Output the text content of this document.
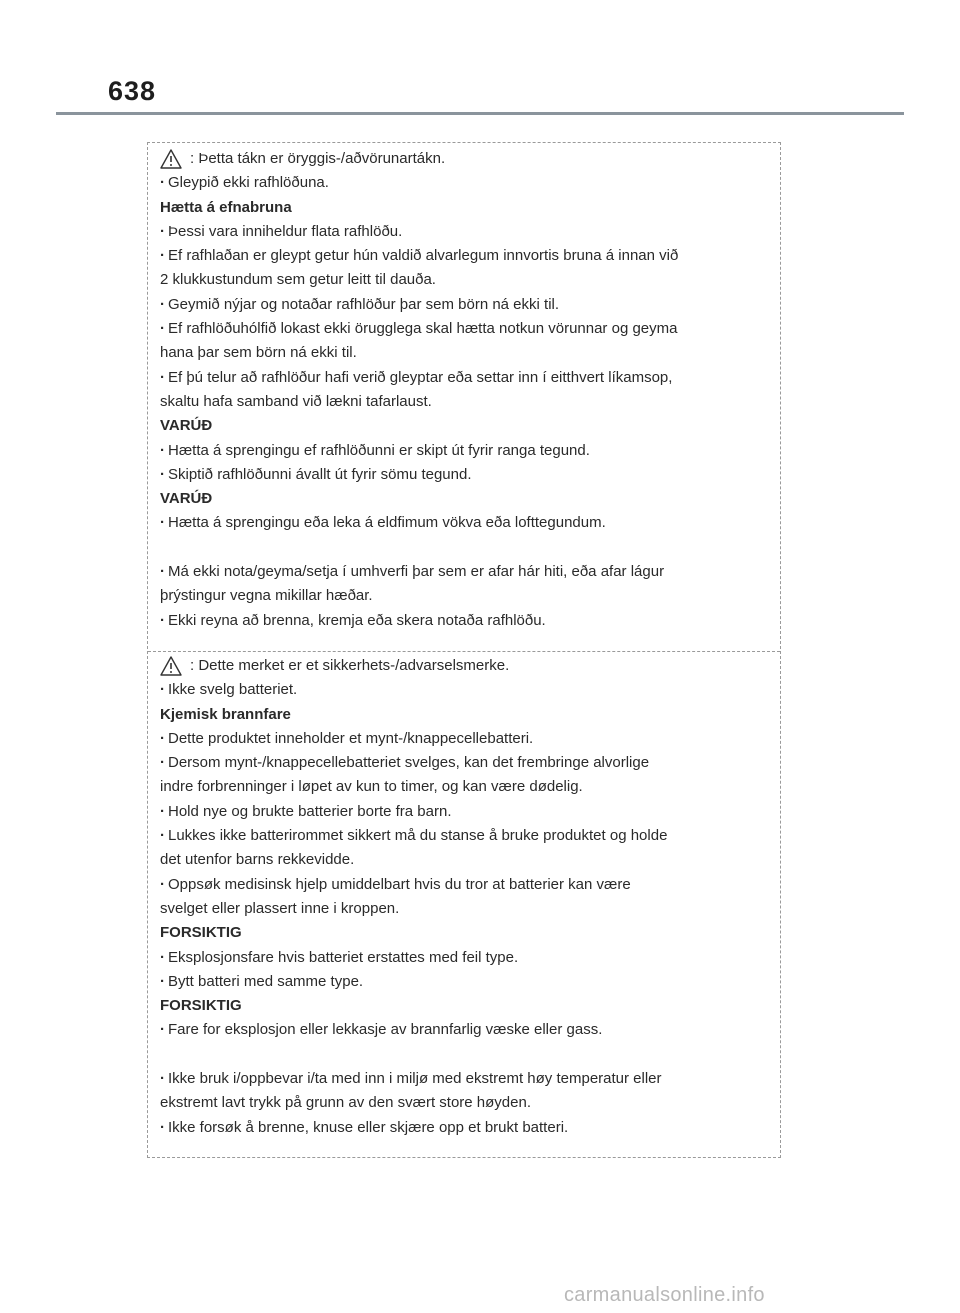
638
: Þetta tákn er öryggis-/aðvörunartákn.
· Gleypið ekki rafhlöðuna.
Hætta á efnabruna
· Þessi vara inniheldur flata rafhlöðu.
· Ef rafhlaðan er gleypt getur hún valdið alvarlegum innvortis bruna á innan við
2 klukkustundum sem getur leitt til dauða.
· Geymið nýjar og notaðar rafhlöður þar sem börn ná ekki til.
· Ef rafhlöðuhólfið lokast ekki örugglega skal hætta notkun vörunnar og geyma
hana þar sem börn ná ekki til.
· Ef þú telur að rafhlöður hafi verið gleyptar eða settar inn í eitthvert líkamsop,
skaltu hafa samband við lækni tafarlaust.
VARÚÐ
· Hætta á sprengingu ef rafhlöðunni er skipt út fyrir ranga tegund.
· Skiptið rafhlöðunni ávallt út fyrir sömu tegund.
VARÚÐ
· Hætta á sprengingu eða leka á eldfimum vökva eða lofttegundum.
· Má ekki nota/geyma/setja í umhverfi þar sem er afar hár hiti, eða afar lágur
þrýstingur vegna mikillar hæðar.
· Ekki reyna að brenna, kremja eða skera notaða rafhlöðu.
: Dette merket er et sikkerhets-/advarselsmerke.
· Ikke svelg batteriet.
Kjemisk brannfare
· Dette produktet inneholder et mynt-/knappecellebatteri.
· Dersom mynt-/knappecellebatteriet svelges, kan det frembringe alvorlige
indre forbrenninger i løpet av kun to timer, og kan være dødelig.
· Hold nye og brukte batterier borte fra barn.
· Lukkes ikke batterirommet sikkert må du stanse å bruke produktet og holde
det utenfor barns rekkevidde.
· Oppsøk medisinsk hjelp umiddelbart hvis du tror at batterier kan være
svelget eller plassert inne i kroppen.
FORSIKTIG
· Eksplosjonsfare hvis batteriet erstattes med feil type.
· Bytt batteri med samme type.
FORSIKTIG
· Fare for eksplosjon eller lekkasje av brannfarlig væske eller gass.
· Ikke bruk i/oppbevar i/ta med inn i miljø med ekstremt høy temperatur eller
ekstremt lavt trykk på grunn av den svært store høyden.
· Ikke forsøk å brenne, knuse eller skjære opp et brukt batteri.
carmanualsonline.info
